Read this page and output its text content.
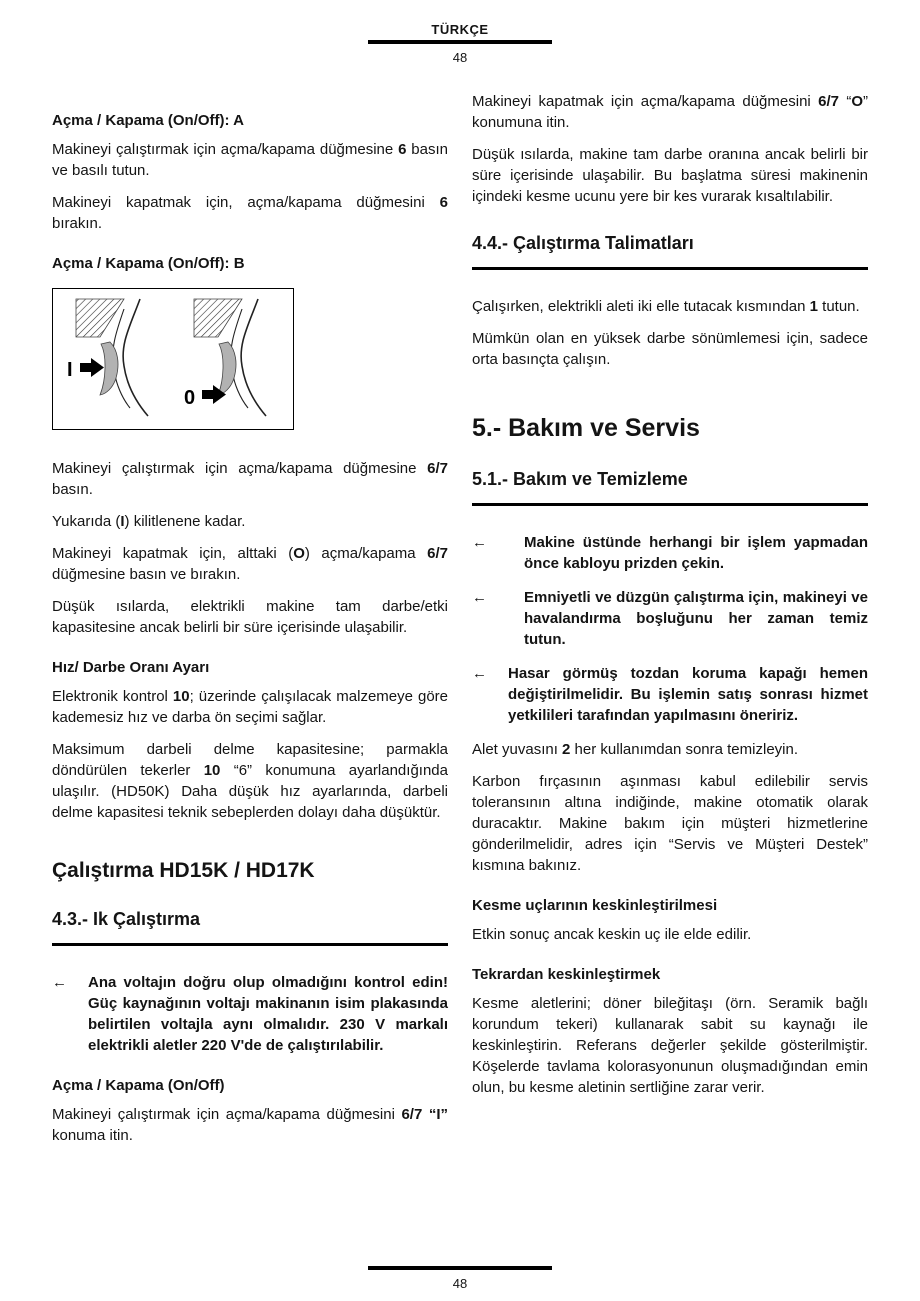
TÜRKÇE
48
Açma / Kapama (On/Off): A
Makineyi çalıştırmak için açma/kapama düğmesine 6 basın ve basılı tutun.
Makineyi kapatmak için, açma/kapama düğmesini 6 bırakın.
Açma / Kapama (On/Off): B
I
0
Makineyi çalıştırmak için açma/kapama düğmesine 6/7 basın.
Yukarıda (I) kilitlenene kadar.
Makineyi kapatmak için, alttaki (O) açma/kapama 6/7 düğmesine basın ve bırakın.
Düşük ısılarda, elektrikli makine tam darbe/etki kapasitesine ancak belirli bir süre içerisinde ulaşabilir.
Hız/ Darbe Oranı Ayarı
Elektronik kontrol 10; üzerinde çalışılacak malzemeye göre kademesiz hız ve darba ön seçimi sağlar.
Maksimum darbeli delme kapasitesine; parmakla döndürülen tekerler 10 “6” konumuna ayarlandığında ulaşılır. (HD50K) Daha düşük hız ayarlarında, darbeli delme kapasitesi teknik sebeplerden dolayı daha düşüktür.
Çalıştırma HD15K / HD17K
4.3.- Ik Çalıştırma
←	Ana voltajın doğru olup olmadığını kontrol edin! Güç kaynağının voltajı makinanın isim plakasında belirtilen voltajla aynı olmalıdır. 230 V markalı elektrikli aletler 220 V'de de çalıştırılabilir.
Açma / Kapama (On/Off)
Makineyi çalıştırmak için açma/kapama düğmesini 6/7 “I” konuma itin.
Makineyi kapatmak için açma/kapama düğmesini 6/7 “O” konumuna itin.
Düşük ısılarda, makine tam darbe oranına ancak belirli bir süre içerisinde ulaşabilir. Bu başlatma süresi makinenin içindeki kesme ucunu yere bir kes vurarak kısaltılabilir.
4.4.- Çalıştırma Talimatları
Çalışırken, elektrikli aleti iki elle tutacak kısmından 1 tutun.
Mümkün olan en yüksek darbe sönümlemesi için, sadece orta basınçta çalışın.
5.- Bakım ve Servis
5.1.- Bakım ve Temizleme
←	Makine üstünde herhangi bir işlem yapmadan önce kabloyu prizden çekin.
←	Emniyetli ve düzgün çalıştırma için, makineyi ve havalandırma boşluğunu her zaman temiz tutun.
←	Hasar görmüş tozdan koruma kapağı hemen değiştirilmelidir. Bu işlemin satış sonrası hizmet yetkilileri tarafından yapılmasını öneririz.
Alet yuvasını 2 her kullanımdan sonra temizleyin.
Karbon fırçasının aşınması kabul edilebilir servis toleransının altına indiğinde, makine otomatik olarak duracaktır. Makine bakım için müşteri hizmetlerine gönderilmelidir, adres için “Servis ve Müşteri Destek” kısmına bakınız.
Kesme uçlarının keskinleştirilmesi
Etkin sonuç ancak keskin uç ile elde edilir.
Tekrardan keskinleştirmek
Kesme aletlerini; döner bileğitaşı (örn. Seramik bağlı korundum tekeri) kullanarak sabit su kaynağı ile keskinleştirin. Referans değerler şekilde gösterilmiştir. Köşelerde tavlama kolorasyonunun oluşmadığından emin olun, bu kesme aletinin sertliğine zarar verir.
48
